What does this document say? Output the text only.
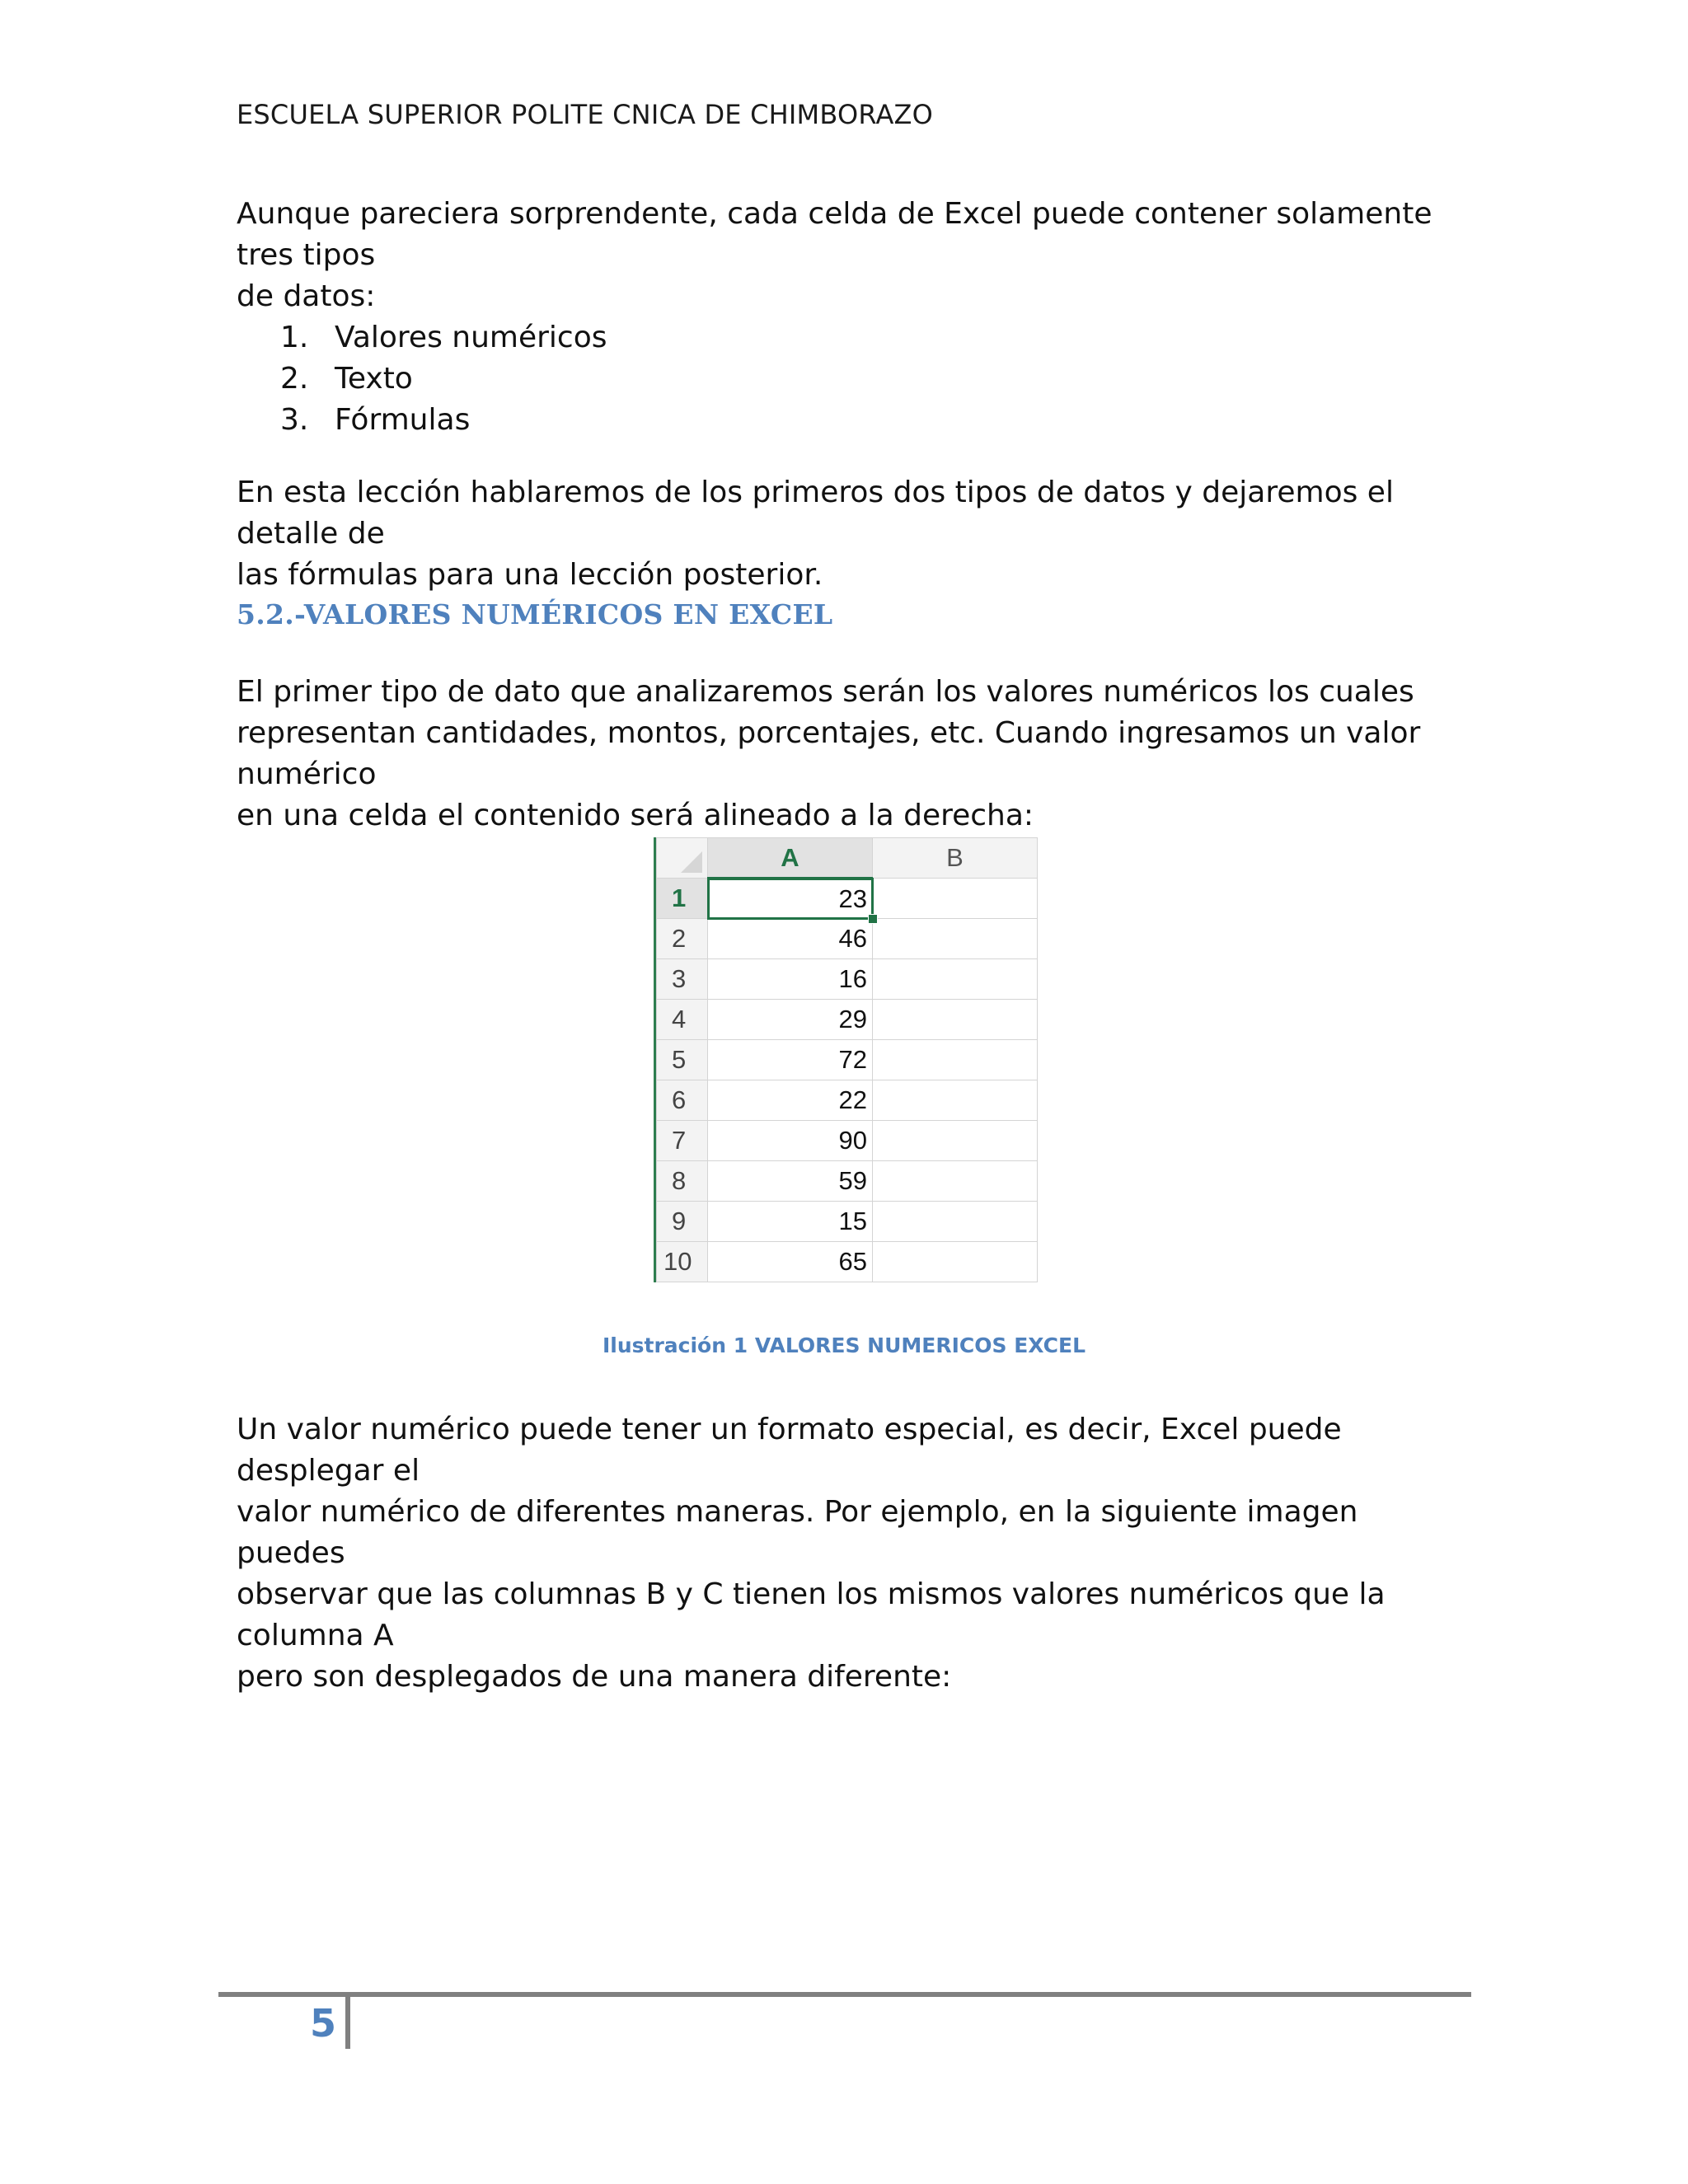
ESCUELA SUPERIOR POLITE CNICA DE CHIMBORAZO
Aunque pareciera sorprendente, cada celda de Excel puede contener solamente tres tipos
de datos:
1. Valores numéricos
2. Texto
3. Fórmulas
En esta lección hablaremos de los primeros dos tipos de datos y dejaremos el detalle de
las fórmulas para una lección posterior.
5.2.-VALORES NUMÉRICOS EN EXCEL
El primer tipo de dato que analizaremos serán los valores numéricos los cuales
representan cantidades, montos, porcentajes, etc. Cuando ingresamos un valor numérico
en una celda el contenido será alineado a la derecha:
	A	B
1	23

2	46	
3	16	
4	29	
5	72	
6	22	
7	90	
8	59	
9	15	
10	65	
Ilustración 1 VALORES NUMERICOS EXCEL
Un valor numérico puede tener un formato especial, es decir, Excel puede desplegar el
valor numérico de diferentes maneras. Por ejemplo, en la siguiente imagen puedes
observar que las columnas B y C tienen los mismos valores numéricos que la columna A
pero son desplegados de una manera diferente:
5
